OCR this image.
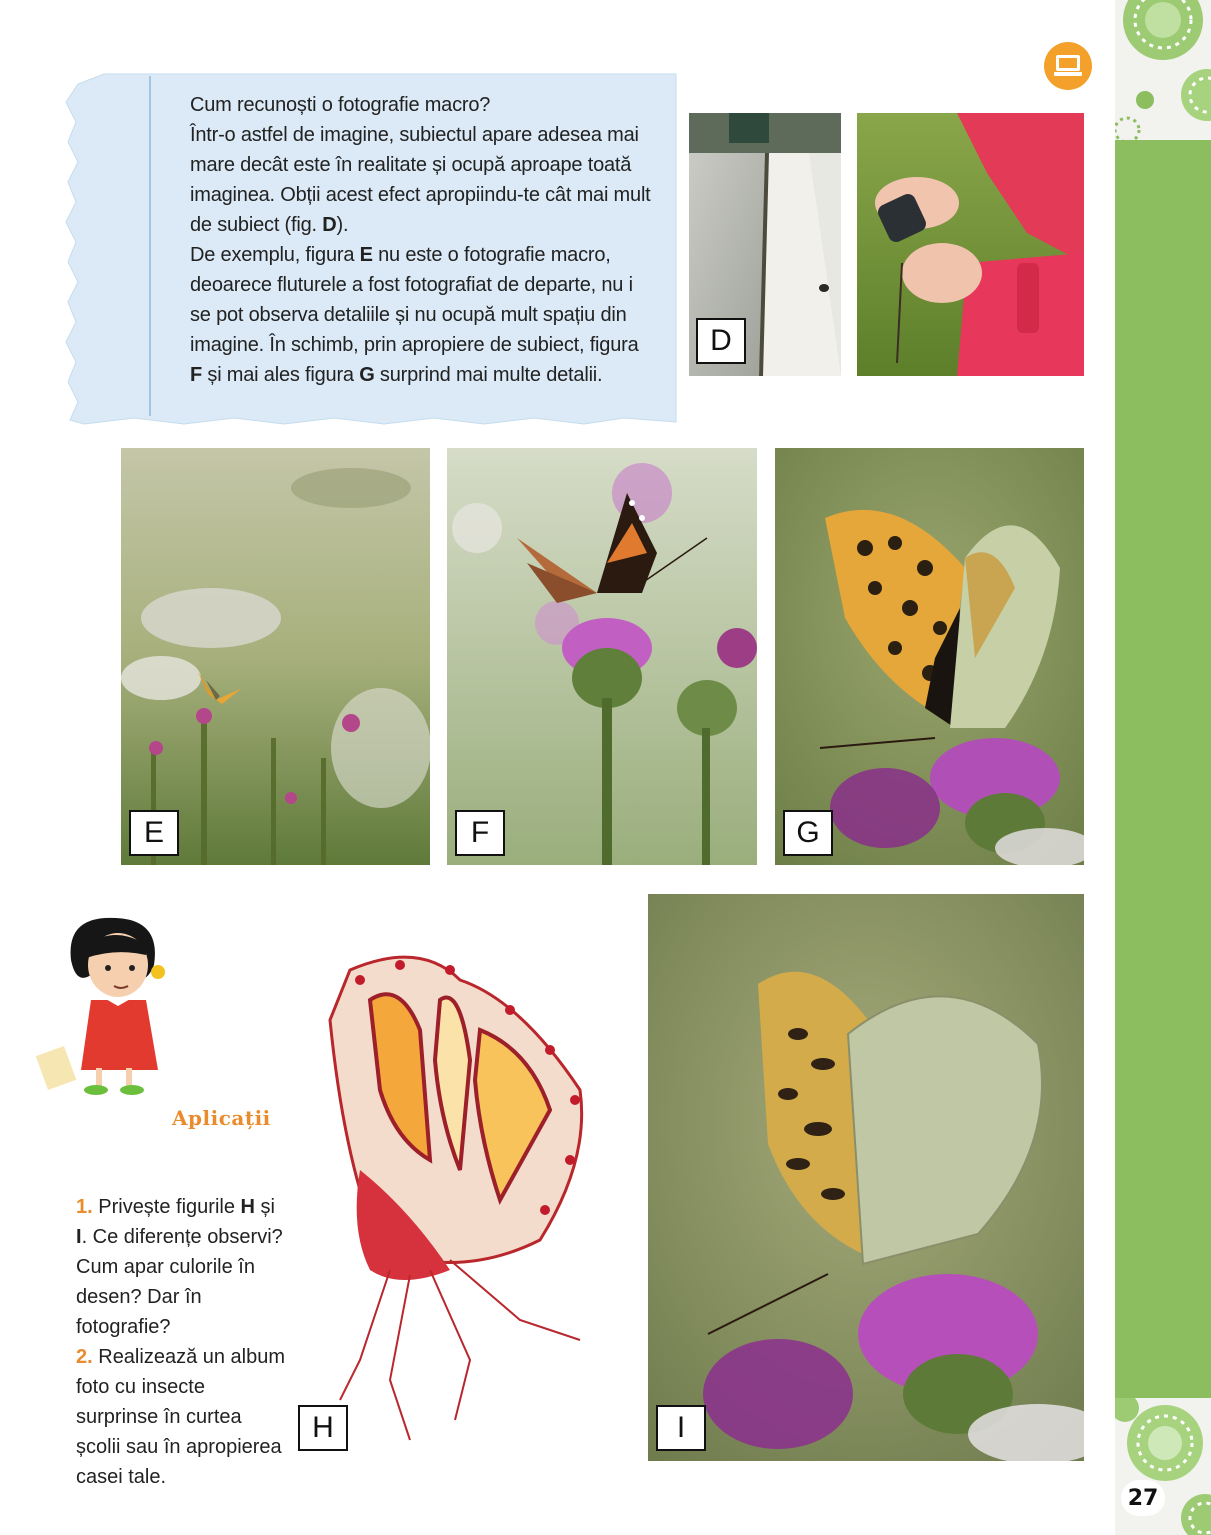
27

Cum recunoști o fotografie macro?

Într-o astfel de imagine, subiectul apare adesea mai mare decât este în realitate și ocupă aproape toată imaginea. Obții acest efect apropiindu-te cât mai mult de subiect (fig. D).

De exemplu, figura E nu este o fotografie macro, deoarece fluturele a fost fotografiat de departe, nu i se pot observa detaliile și nu ocupă mult spațiu din imagine. În schimb, prin apropiere de subiect, figura F și mai ales figura G surprind mai multe detalii.

D
E	F	G
Aplicații
1. Privește figurile H și I. Ce diferențe observi? Cum apar culorile în desen? Dar în fotografie?
2. Realizează un album foto cu insecte surprinse în curtea școlii sau în apropierea casei tale.
H	I
